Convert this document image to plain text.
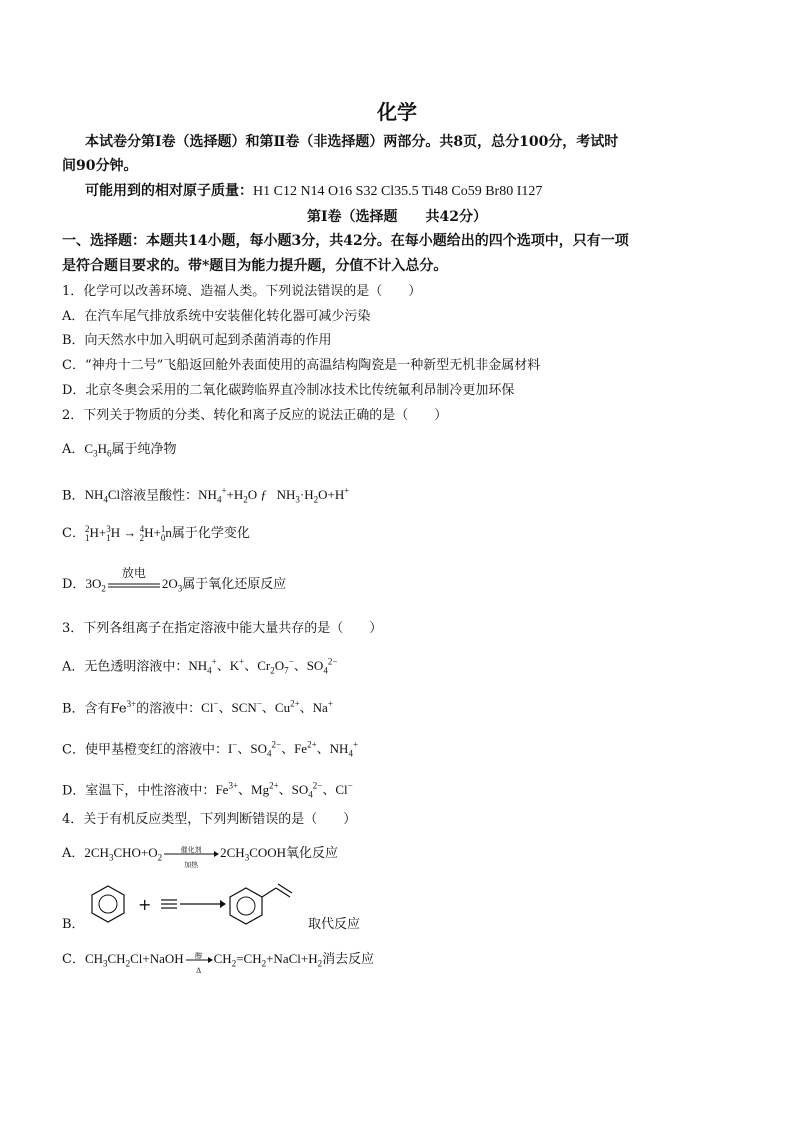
化学
本试卷分第Ⅰ卷（选择题）和第Ⅱ卷（非选择题）两部分。共8页，总分100分，考试时
间90分钟。
可能用到的相对原子质量：H1 C12 N14 O16 S32 Cl35.5 Ti48 Co59 Br80 I127
第Ⅰ卷（选择题　　共42分）
一、选择题：本题共14小题，每小题3分，共42分。在每小题给出的四个选项中，只有一项
是符合题目要求的。带*题目为能力提升题，分值不计入总分。
1．化学可以改善环境、造福人类。下列说法错误的是（　　）
A．在汽车尾气排放系统中安装催化转化器可减少污染
B．向天然水中加入明矾可起到杀菌消毒的作用
C．“神舟十二号”飞船返回舱外表面使用的高温结构陶瓷是一种新型无机非金属材料
D．北京冬奥会采用的二氧化碳跨临界直冷制冰技术比传统氟利昂制冷更加环保
2．下列关于物质的分类、转化和离子反应的说法正确的是（　　）
A．$C_3H_6$属于纯净物
B．$NH_4Cl$溶液呈酸性：$NH_4^++H_2O$ ƒ   $NH_3\cdot H_2O+H^+$
C．2
1H+3
1H → 4
2H+1
0n属于化学变化
D．$3O_2$
放电
$2O_3$属于氧化还原反应
3．下列各组离子在指定溶液中能大量共存的是（　　）
A．无色透明溶液中：$NH_4^+$、K+、$Cr_2O_7^-$、$SO_4^{2-}$
B．含有$Fe^{3+}$的溶液中：Cl−、SCN−、$Cu^{2+}$、Na+
C．使甲基橙变红的溶液中：I−、$SO_4^{2-}$、$Fe^{2+}$、$NH_4^+$
D．室温下，中性溶液中：$Fe^{3+}$、$Mg^{2+}$、$SO_4^{2-}$、Cl−
4．关于有机反应类型，下列判断错误的是（　　）
A．$2CH_3CHO+O_2$
催化剂
加热
$2CH_3COOH$氧化反应
B．
+
取代反应
C．$CH_3CH_2Cl+NaOH$	醇
Δ
$CH_2=CH_2+NaCl+H_2$消去反应
